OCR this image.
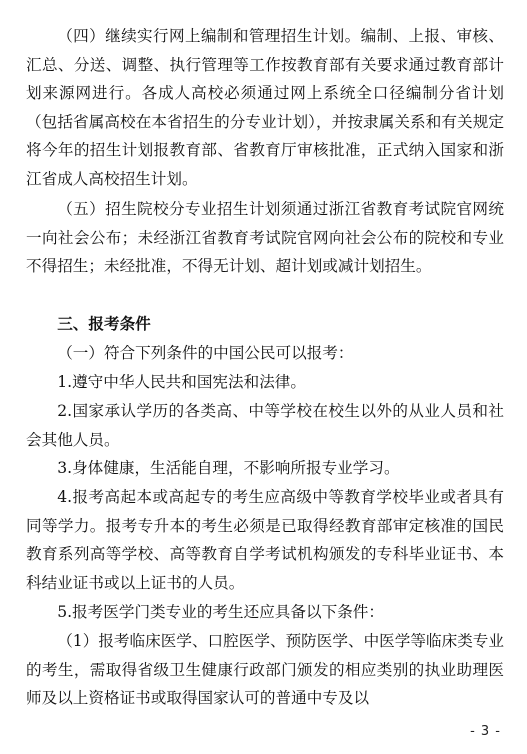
（四）继续实行网上编制和管理招生计划。编制、上报、审核、汇总、分送、调整、执行管理等工作按教育部有关要求通过教育部计划来源网进行。各成人高校必须通过网上系统全口径编制分省计划（包括省属高校在本省招生的分专业计划），并按隶属关系和有关规定将今年的招生计划报教育部、省教育厅审核批准，正式纳入国家和浙江省成人高校招生计划。

（五）招生院校分专业招生计划须通过浙江省教育考试院官网统一向社会公布；未经浙江省教育考试院官网向社会公布的院校和专业不得招生；未经批准，不得无计划、超计划或减计划招生。

三、报考条件

（一）符合下列条件的中国公民可以报考：

1.遵守中华人民共和国宪法和法律。

2.国家承认学历的各类高、中等学校在校生以外的从业人员和社会其他人员。

3.身体健康，生活能自理，不影响所报专业学习。

4.报考高起本或高起专的考生应高级中等教育学校毕业或者具有同等学力。报考专升本的考生必须是已取得经教育部审定核准的国民教育系列高等学校、高等教育自学考试机构颁发的专科毕业证书、本科结业证书或以上证书的人员。

5.报考医学门类专业的考生还应具备以下条件：

（1）报考临床医学、口腔医学、预防医学、中医学等临床类专业的考生，需取得省级卫生健康行政部门颁发的相应类别的执业助理医师及以上资格证书或取得国家认可的普通中专及以

- 3 -
